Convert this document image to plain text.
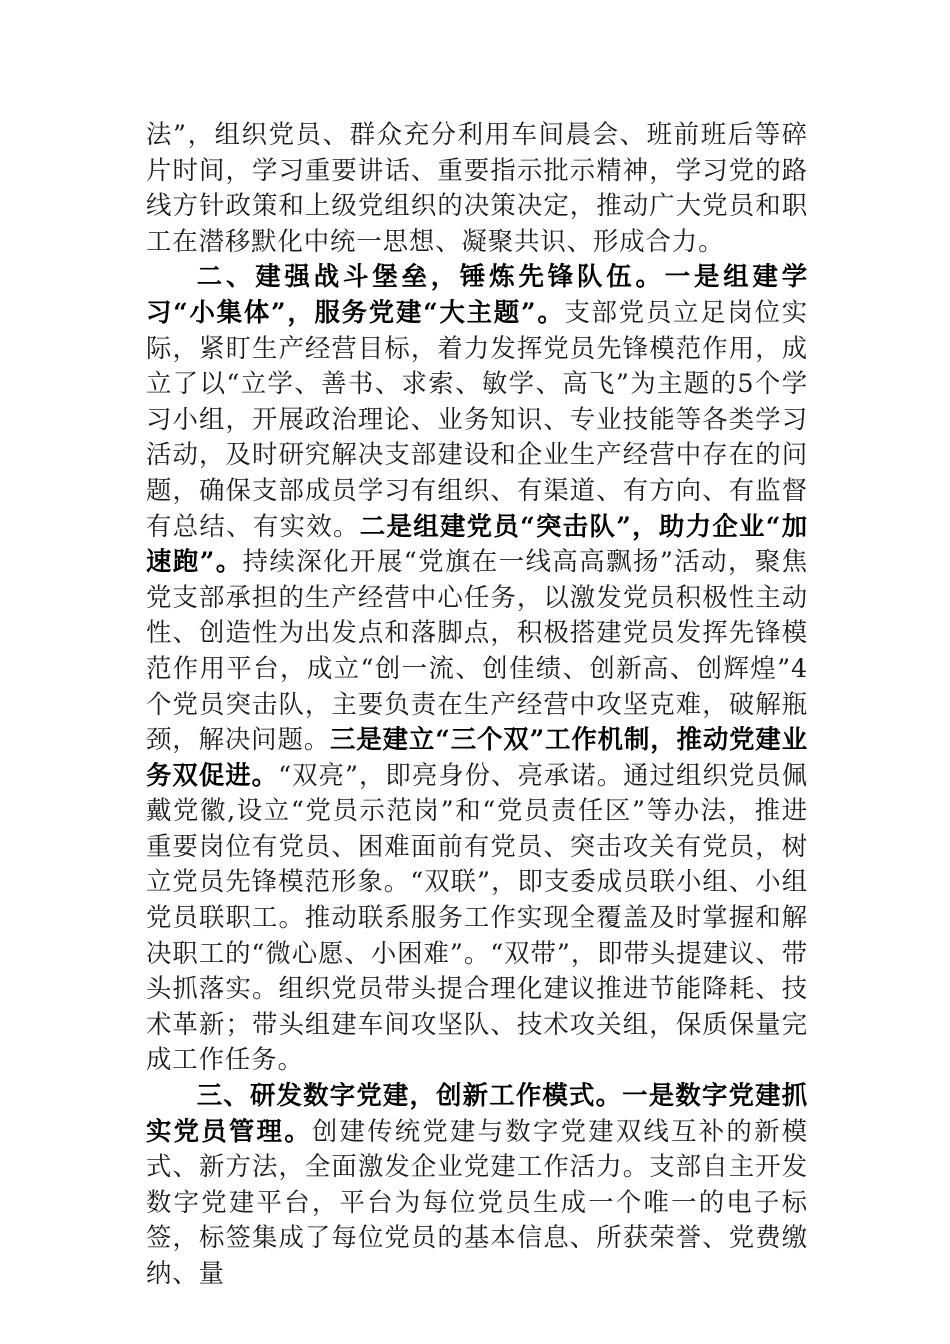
法”，组织党员、群众充分利用车间晨会、班前班后等碎片时间，学习重要讲话、重要指示批示精神，学习党的路线方针政策和上级党组织的决策决定，推动广大党员和职工在潜移默化中统一思想、凝聚共识、形成合力。

二、建强战斗堡垒，锤炼先锋队伍。一是组建学习“小集体”，服务党建“大主题”。支部党员立足岗位实际，紧盯生产经营目标，着力发挥党员先锋模范作用，成立了以“立学、善书、求索、敏学、高飞”为主题的5个学习小组，开展政治理论、业务知识、专业技能等各类学习活动，及时研究解决支部建设和企业生产经营中存在的问题，确保支部成员学习有组织、有渠道、有方向、有监督有总结、有实效。二是组建党员“突击队”，助力企业“加速跑”。持续深化开展“党旗在一线高高飘扬”活动，聚焦党支部承担的生产经营中心任务，以激发党员积极性主动性、创造性为出发点和落脚点，积极搭建党员发挥先锋模范作用平台，成立“创一流、创佳绩、创新高、创辉煌”4个党员突击队，主要负责在生产经营中攻坚克难，破解瓶颈，解决问题。三是建立“三个双”工作机制，推动党建业务双促进。“双亮”，即亮身份、亮承诺。通过组织党员佩戴党徽,设立“党员示范岗”和“党员责任区”等办法，推进重要岗位有党员、困难面前有党员、突击攻关有党员，树立党员先锋模范形象。“双联”，即支委成员联小组、小组党员联职工。推动联系服务工作实现全覆盖及时掌握和解决职工的“微心愿、小困难”。“双带”，即带头提建议、带头抓落实。组织党员带头提合理化建议推进节能降耗、技术革新；带头组建车间攻坚队、技术攻关组，保质保量完成工作任务。

三、研发数字党建，创新工作模式。一是数字党建抓实党员管理。创建传统党建与数字党建双线互补的新模式、新方法，全面激发企业党建工作活力。支部自主开发数字党建平台，平台为每位党员生成一个唯一的电子标签，标签集成了每位党员的基本信息、所获荣誉、党费缴纳、量
